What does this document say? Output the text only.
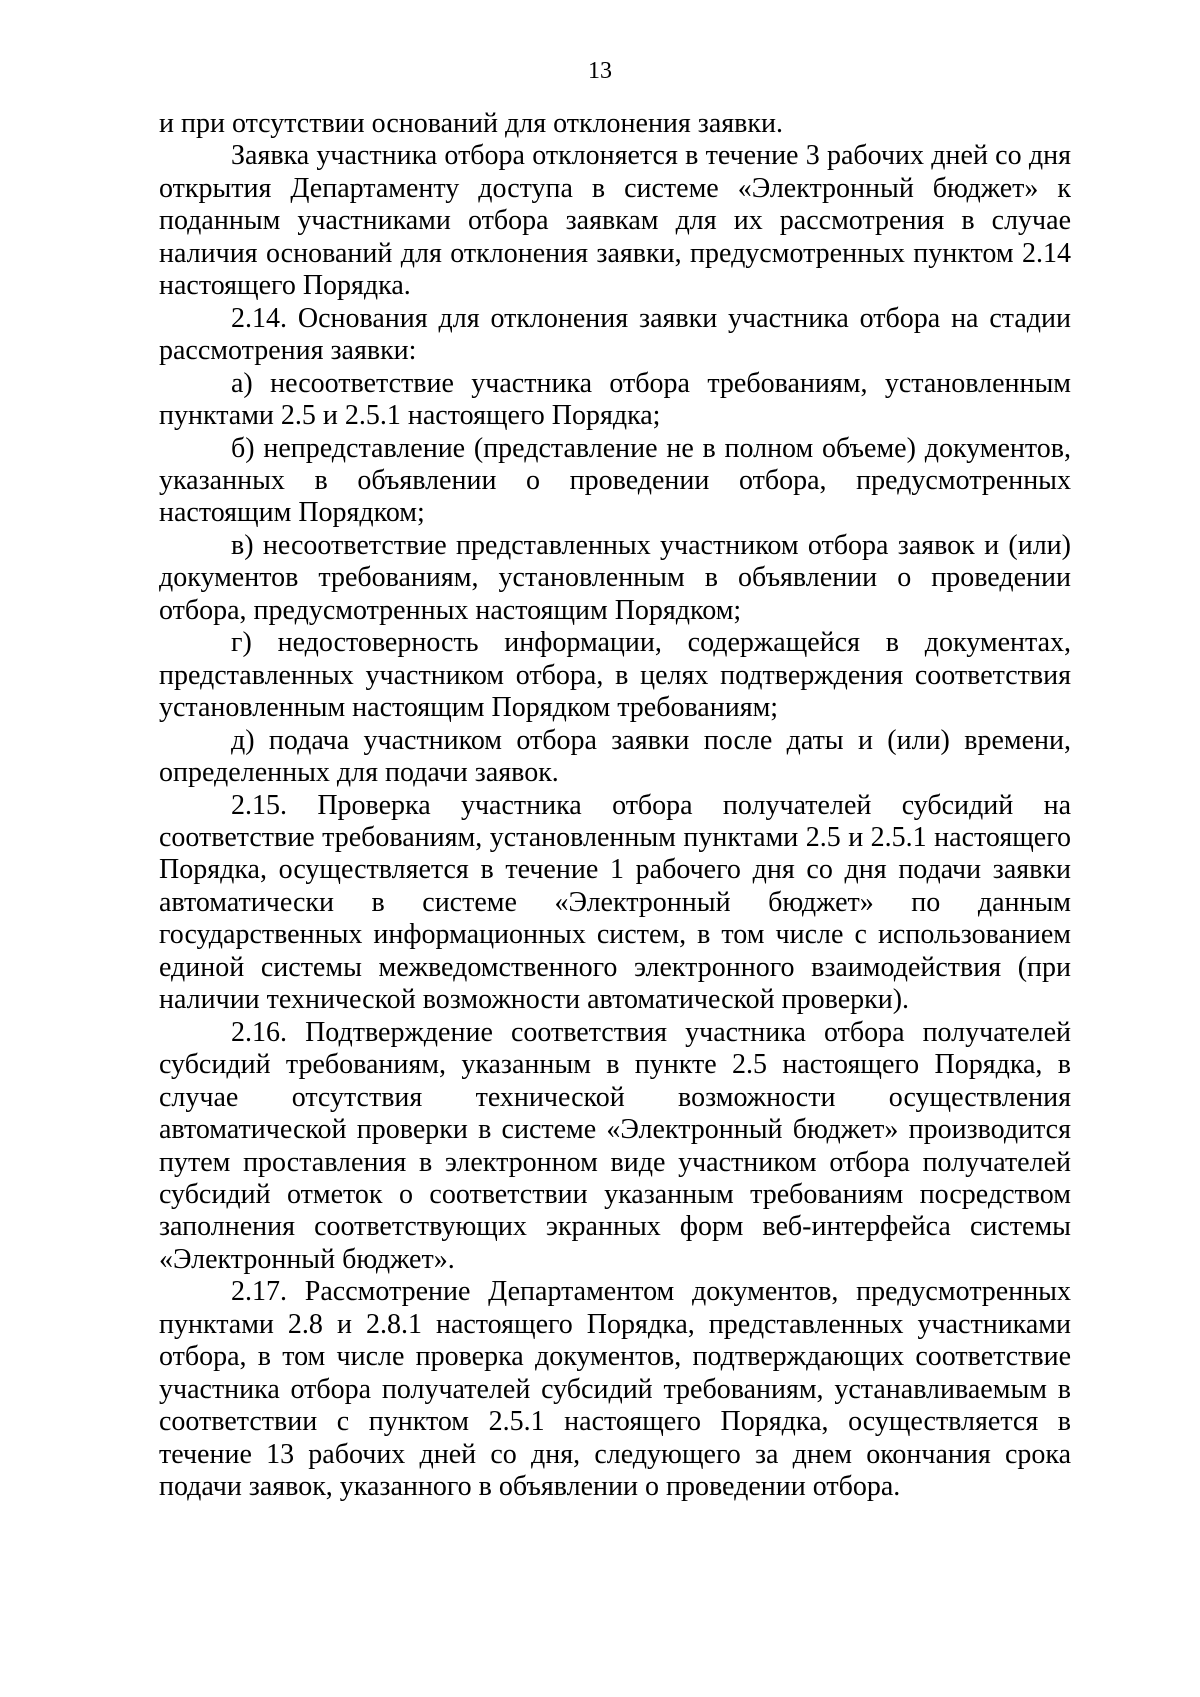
13

и при отсутствии оснований для отклонения заявки.

Заявка участника отбора отклоняется в течение 3 рабочих дней со дня открытия Департаменту доступа в системе «Электронный бюджет» к поданным участниками отбора заявкам для их рассмотрения в случае наличия оснований для отклонения заявки, предусмотренных пунктом 2.14 настоящего Порядка.

2.14. Основания для отклонения заявки участника отбора на стадии рассмотрения заявки:

а) несоответствие участника отбора требованиям, установленным пунктами 2.5 и 2.5.1 настоящего Порядка;

б) непредставление (представление не в полном объеме) документов, указанных в объявлении о проведении отбора, предусмотренных настоящим Порядком;

в) несоответствие представленных участником отбора заявок и (или) документов требованиям, установленным в объявлении о проведении отбора, предусмотренных настоящим Порядком;

г) недостоверность информации, содержащейся в документах, представленных участником отбора, в целях подтверждения соответствия установленным настоящим Порядком требованиям;

д) подача участником отбора заявки после даты и (или) времени, определенных для подачи заявок.

2.15. Проверка участника отбора получателей субсидий на соответствие требованиям, установленным пунктами 2.5 и 2.5.1 настоящего Порядка, осуществляется в течение 1 рабочего дня со дня подачи заявки автоматически в системе «Электронный бюджет» по данным государственных информационных систем, в том числе с использованием единой системы межведомственного электронного взаимодействия (при наличии технической возможности автоматической проверки).

2.16. Подтверждение соответствия участника отбора получателей субсидий требованиям, указанным в пункте 2.5 настоящего Порядка, в случае отсутствия технической возможности осуществления автоматической проверки в системе «Электронный бюджет» производится путем проставления в электронном виде участником отбора получателей субсидий отметок о соответствии указанным требованиям посредством заполнения соответствующих экранных форм веб-интерфейса системы «Электронный бюджет».

2.17. Рассмотрение Департаментом документов, предусмотренных пунктами 2.8 и 2.8.1 настоящего Порядка, представленных участниками отбора, в том числе проверка документов, подтверждающих соответствие участника отбора получателей субсидий требованиям, устанавливаемым в соответствии с пунктом 2.5.1 настоящего Порядка, осуществляется в течение 13 рабочих дней со дня, следующего за днем окончания срока подачи заявок, указанного в объявлении о проведении отбора.
